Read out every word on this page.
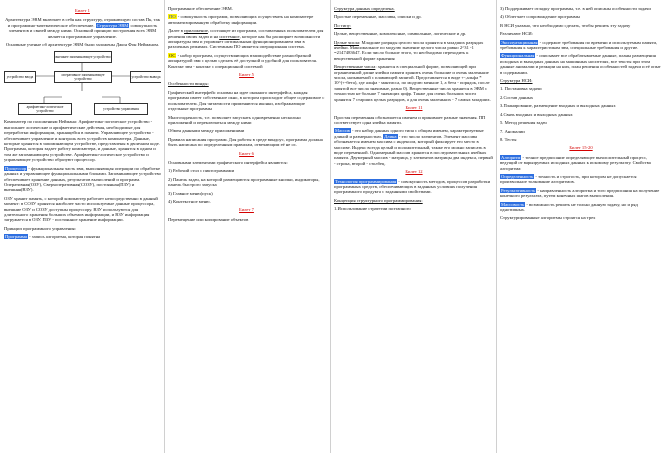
Билет 1

Архитектура ЭВМ включает в себя как структуру, отражающую состав Пк, так и программно-математическое обеспечение. Структура ЭВМ совокупность элементов и связей между ними. Основной принцип построения всех ЭВМ является программное управление.

Основные ученые об архитектуре ЭВМ были заложены Джон Фон Нейманом.

внешнее запоминающее устройство
оперативное запоминающее устройство
устройство ввода	устройство вывода
арифметико-логическое устройство	устройство управления

Компьютер по положениям Неймана: Арифметико-логическое устройство - выполняет логические и арифметические действия, необходимые для переработки информации, хранящейся в памяти. Управляющее устройство - обеспечивает управление и контроль всех устройств компьютера. Данные, которые хранятся в запоминающем устройстве, представлены в двоичном коде. Программа, которая задает работу компьютера, и данные, хранятся в одном и том же запоминающем устройстве. Арифметико-логическое устройство и управляющее устройство образуют процессор.

Процессор - функциональная часть эвм, выполняющая операции по обработке данных и управляющее функциональными блоками. Запоминающее устройство обеспечивает хранение данных, результатов вычислений и программ. Оперативная(ОЗУ), Сверхоперативная(СОЗУ), постоянная(ПЗУ) и внешняя(ВЗУ).

ОЗУ хранит память, с которой компьютер работает непосредственно в данный момент: в СОЗУ хранятся наиболее часто используемые данные процессора, внешние ОЗУ и СОЗУ доступны процессору. ВЗУ используются для длительного хранения больших объемов информации, и ВЗУ информация загружается в ОЗУ. ПЗУ - постоянное хранение информации.

Принцип программного управления:

Программа - запись алгоритма, которая понятна

Программное обеспечение ЭВМ.

ПО - совокупность программ, позволяющих осуществить на компьютере автоматизированную обработку информации.

Далее в приложение, состоящее из программ, составленных пользователем для решения своих задач и на системное, которое как бы расширяет возможности аппаратуры эвм и управляет оптимальным функционированием эвм в различных режимах. Системным ПО является операционная система.

ОС - набор программ, осуществляющих взаимодействие разнообразной аппаратурой эвм с целью сделать её доступной и удобной для пользователя. Контакт эвм - контакт с операционной системой

Билет 5

Особенности винды:

Графический интерфейс основан на идее оконного интерфейса, каждая программа имеет собственное окно, в котором происходит общее содержимое с пользователем. Для читаемости применяются иконки, изображающие отдельные программы

Многозадачность, т.е. позволяет запускать одновременно несколько приложений и переключаться между ними

Обмен данными между приложениями

Правила написания программ. Для работы в среде виндоус, программа должна быть написана по определенным правилам, отвечающим её не ос.

Билет 6

Основными элементами графического интерфейса являются:

1) Рабочий стол с пиктограммами

2) Панель задач, на которой размещаются программные кнопки, индикаторы, панель быстрого запуска

3) Главное меню(пуск)

4) Контекстное меню.

Билет 7

Перемещение или копирование объектов

Структура данных определена.

Простые переменные, массивы, списки и др.

По типу:

Целые, вещественные, комплексные, символьные, логические и др.

Целые числа: Младшие разряды целого числа хранятся в младших разрядах ячейки. Максимальное по модулю значение целого числа равно 2^31 -1 =2147483647. Если число больше этого, то необходимо переходить к вещественной форме хранения

Вещественные числа: хранятся в специальной форме, позволяющей при ограниченной длине ячейки памяти хранить очень большие и очень маленькие числа, называемой с плавающей запятой. Представляется в виде +-,альфа * 10^(+-бета), где альфа - мантисса, по модулю меньше 1, а бета - порядок, после запятой все числа значимые, разно 0). Вещественные числа хранятся в ЭВМ с точностью не больше 7 значащих цифр. Также для очень больших чисел хранятся 7 старших целых разрядов, а для очень маленьких - 7 самых младших.

Билет 11

Простая переменная обозначается именем и принимает разные значения. ПП соответствует одна ячейка памяти.

Массив - это набор данных одного типа с общим именем, характеризуемые длиной и размерностью. Длина - это число элементов. Элемент массива обозначается именем массива с индексом, который фиксирует его место в массиве. Индекс всегда целый и положительный, также его можно записать в виде переменной. Одномерный массив хранится в последовательных ячейках памяти. Двумерный массив - матрица, у элементов матрицы два индекса, первый - строка, второй - столбец.

Билет 12

Технология программирования - совокупность методов, процессов разработки программных средств, обеспечивающих в заданных условиях получения программного продукта с заданными свойствами.

Концепция структурного программирования:

1.Использование стратегии поэтапного

3) Поддерживает отладку программы, т.е. в ней описаны особенности задачи

4) Облегчает сопровождение программы

В НСИ указано, что необходимо сделать, чтобы решить эту задачу

Различают НСИ:

Эксплуатационная - содержит требования по времени и используемым памяти, требования к характеристикам эвм, специальные требования и другие.

Функциональная - описывает все обрабатываемые данные, планы размещения исходных и выходных данных на машинных носителях, все тексты при этом данные аномалии и реакции на них, план решения особенностей задачи и её опыт в содержании.

Структура НСИ:

1. Постановка задачи

2.Состав данных

3.Планирование, размещение входных и выходных данных

4.Связь входных и выходных данных

5. Метод решения задач

7. Аномалии

8. Тесты

Билет 15-20

Алгоритм - точное предписание определяющее вычислительный процесс, ведущий от варьируемых исходных данных к искомому результату. Свойства алгоритма:

Определенность - точность и строгость, при котором не допускается произвольное толкование алгоритмов.

Результативность - направленность алгоритма и того предписания на получение конечного результата, путем конечных шагов вычисления.

Массовость - возможность решить не только данную задачу, но и ряд однотипных.

Структурированные алгоритмы строятся на трех
